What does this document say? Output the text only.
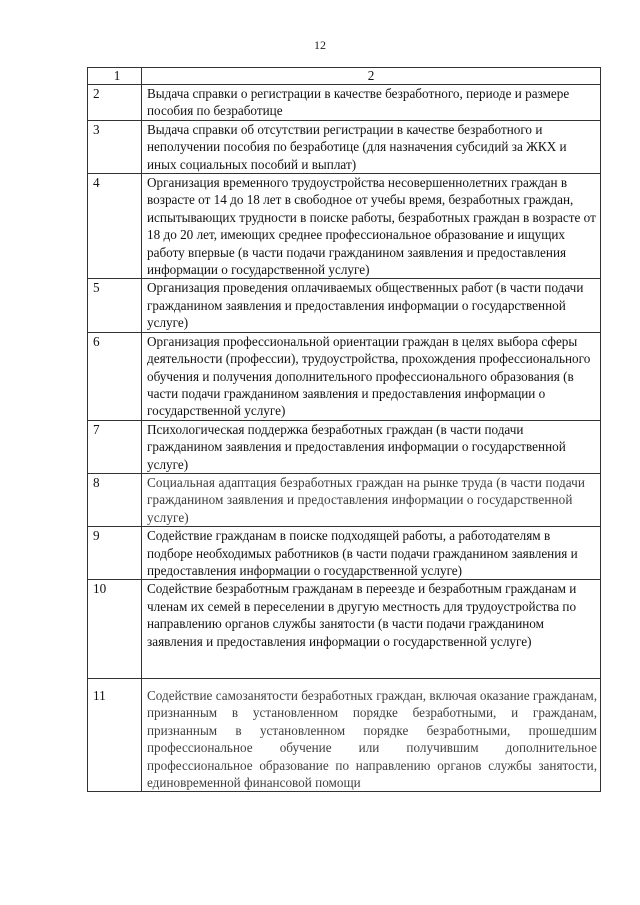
12
1	2
2	Выдача справки о регистрации в качестве безработного, периоде и размере пособия по безработице
3	Выдача справки об отсутствии регистрации в качестве безработного и неполучении пособия по безработице (для назначения субсидий за ЖКХ и иных социальных пособий и выплат)
4	Организация временного трудоустройства несовершеннолетних граждан в возрасте от 14 до 18 лет в свободное от учебы время, безработных граждан, испытывающих трудности в поиске работы, безработных граждан в возрасте от 18 до 20 лет, имеющих среднее профессиональное образование и ищущих работу впервые (в части подачи гражданином заявления и предоставления информации о государственной услуге)
5	Организация проведения оплачиваемых общественных работ (в части подачи гражданином заявления и предоставления информации о государственной услуге)
6	Организация профессиональной ориентации граждан в целях выбора сферы деятельности (профессии), трудоустройства, прохождения профессионального обучения и получения дополнительного профессионального образования (в части подачи гражданином заявления и предоставления информации о государственной услуге)
7	Психологическая поддержка безработных граждан (в части подачи гражданином заявления и предоставления информации о государственной услуге)
8	Социальная адаптация безработных граждан на рынке труда (в части подачи гражданином заявления и предоставления информации о государственной услуге)
9	Содействие гражданам в поиске подходящей работы, а работодателям в подборе необходимых работников (в части подачи гражданином заявления и предоставления информации о государственной услуге)
10	Содействие безработным гражданам в переезде и безработным гражданам и членам их семей в переселении в другую местность для трудоустройства по направлению органов службы занятости (в части подачи гражданином заявления и предоставления информации о государственной услуге)
11	Содействие самозанятости безработных граждан, включая оказание гражданам, признанным в установленном порядке безработными, и гражданам, признанным в установленном порядке безработными, прошедшим профессиональное обучение или получившим дополнительное профессиональное образование по направлению органов службы занятости, единовременной финансовой помощи
